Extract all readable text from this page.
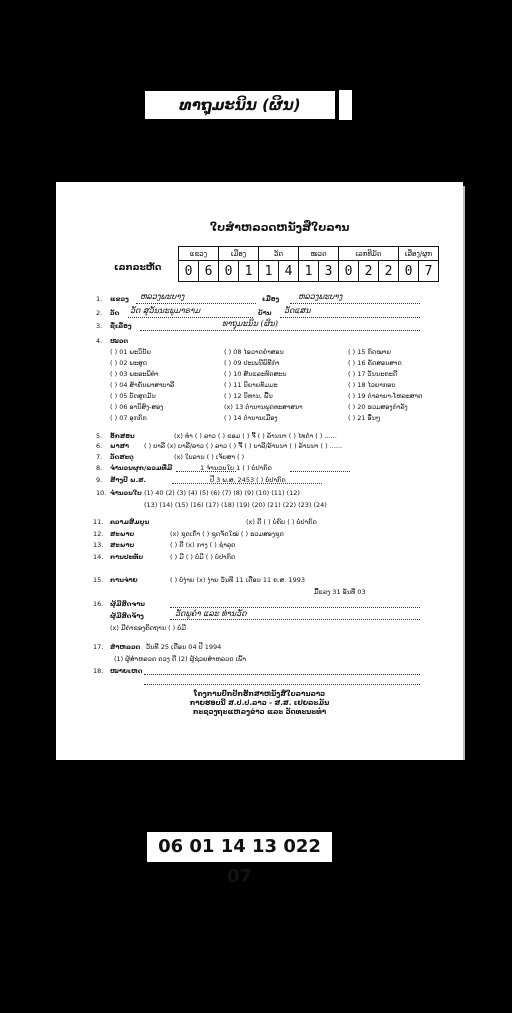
ທາຖຸມະນິນ (ຜິນ)
ໃບສຳຫລວດຫນັງສືໃບລານ
ເລກລະຫັດ
ແຂວງ		ເມືອງ		ວັດ		ໝວດ		ເລກທີມັດ			ເລືອງ/ຜູກ	
0	6	0	1	1	4	1	3	0	2	2	0	7
1. ແຂວງ ຫລວງພະບາງ	ເມືອງ ຫລວງພະບາງ
2. ວັດ ວັດ ສຸວັນນະພູມາຣາມ	ບ້ານ ວັດແສນ
3. ຊື່ເລື່ອງ	ທາຖຸມະນິນ (ຜິນ)
4. ໝວດ
( ) 01 ພະວິນັຍ	( ) 08 ໄອວາດຄຳສອນ	( ) 15 ກົດໝາຍ
( ) 02 ພະສູດ	( ) 09 ປະເພນີພິທີກຳ	( ) 16 ຄັດສອນສາດ
( ) 03 ພະອະພິທຳ	( ) 10 ສັນແລະທົດສະນ	( ) 17 ວັນນະຄະດີ
( ) 04 ສ້າຄັນພາສາບາລີ	( ) 11 ນິຍາຍທັມມະ	( ) 18 ໄວຍາກອນ
( ) 05 ບັດສູດມັນ	( ) 12 ນິທານ, ພື້ນ	( ) 19 ຕຳລາຍາ-ໂຫລະສາດ
( ) 06 ອານິສົງ-ສອງ	(x) 13 ຕຳນານພຸດທະສາສນາ	( ) 20 ຮວມສອງກຳລັງ
( ) 07 ອຸກກົກ	( ) 14 ຕຳນານເມືອງ	( ) 21 ອື່ນໆ
5. ອັກສອນ	(x) ທຳ ( ) ລາວ ( ) ຂອມ ( ) ຈີ້ ( ) ລ້ານນາ ( ) ໄທດຳ ( ) ......
6. ພາສາ ( ) ບາລີ (x) ບາລີ/ລາວ ( ) ລາວ ( ) ຈີ້ ( ) ບາລີ/ລ້ານນາ ( ) ລ້ານນາ ( ) ......
7. ວັດສະດຸ	(x) ໃບລານ ( ) ເຈ້ຍສາ ( )
8. ຈຳນວນຜູກ/ລວມທີ່ມີ	1 ຈຳນວນໃບ 1 ( ) ບໍ່ປາກົດ
9. ສ້າງປີ ພ.ສ.	ປີ 3 ພ.ສ. 2453 ( ) ບໍ່ປາກົດ
10. ຈຳນວນໃບ (1) 40 (2) (3) (4) (5) (6) (7) (8) (9) (10) (11) (12)
(13) (14) (15) (16) (17) (18) (19) (20) (21) (22) (23) (24)
11. ຄວາມສົມບູນ	(x) ດີ ( ) ບໍ່ຄົບ ( ) ບໍ່ປາກົດ
12. ສະພາບ	(x) ຊຸດເກົ່າ ( ) ຊຸດຈັດໃໝ່ ( ) ຮວມສອງຊຸດ
13. ສະພາບ	( ) ດີ (x) ກາງ ( ) ຊຳລຸດ
14. ການປະທັບ	( ) ມີ ( ) ບໍ່ມີ ( ) ບໍ່ປາກົດ
15. ການຈ່າຍ	( ) ບໍ່ງ່າຍ (x) ງ່າຍ ວັນທີ 11 ເດືອນ 11 ຄ.ສ. 1993
ມື້ແລງ 31 ອັນທີ່ 03
16. ຜູ້ມີສິດຈານ
ຜູ້ມີສິດຈ້າງ	ວັດພູຄຳ ແລະ ທ່ານວັດ
(x) ມີຄ່າຂອງຄິດຖານ ( ) ບໍ່ມີ
17. ສຳຫລວດ ວັນທີ 25 ເດືອນ 04 ປີ 1994
(1) ຜູ້ສຳຫລວດ ດວງ ດີ (2) ຜູ້ຊ່ວຍສຳຫລວດ ເພົ້າ
18. ໝາຍເຫດ
ໂຄງການປົກປັກຮັກສາຫນັງສືໃບລານລາວ
ກາຍຮອບນີ້ ສ.ປ.ປ.ລາວ - ສ.ສ. ເຢຍລະມັນ
ກະຊວງຖະແຫລງຂ່າວ ແລະ ວັດທະນະທຳ
06 01 14 13 022 07
